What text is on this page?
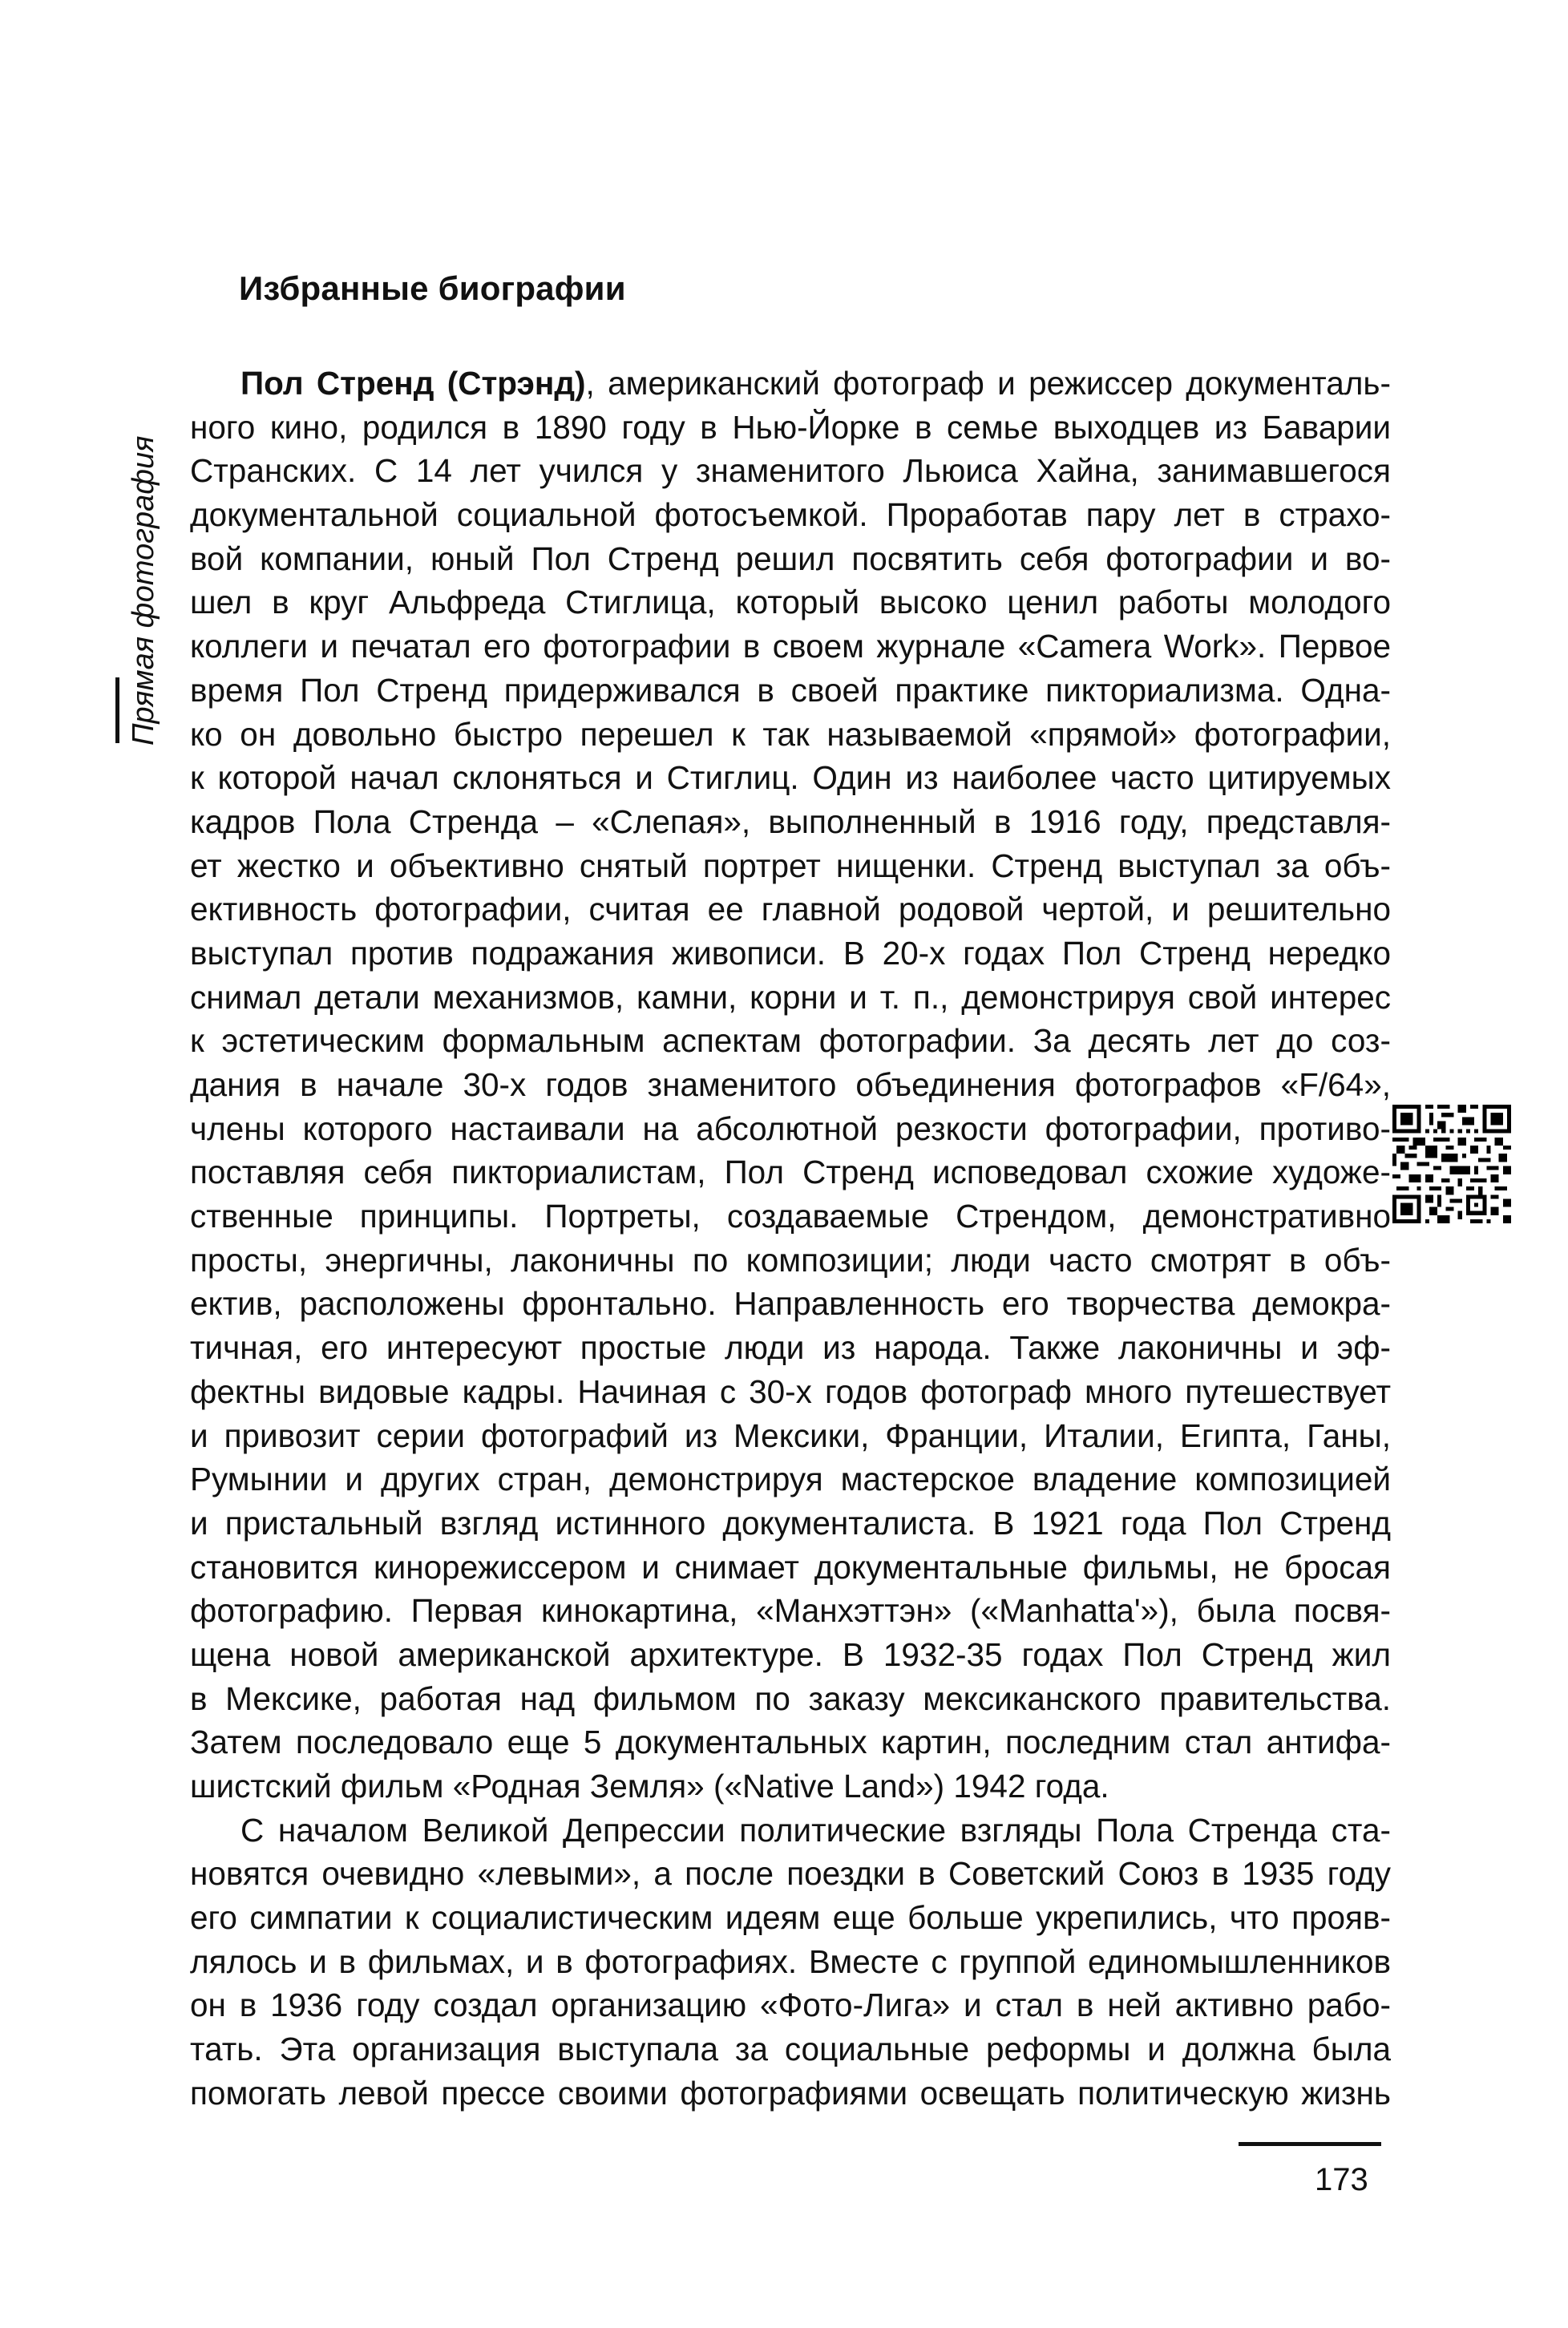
Прямая фотография
Избранные биографии
Пол Стренд (Стрэнд), американский фотограф и режиссер документаль-
ного кино, родился в 1890 году в Нью-Йорке в семье выходцев из Баварии
Странских. С 14 лет учился у знаменитого Льюиса Хайна, занимавшегося
документальной социальной фотосъемкой. Проработав пару лет в страхо-
вой компании, юный Пол Стренд решил посвятить себя фотографии и во-
шел в круг Альфреда Стиглица, который высоко ценил работы молодого
коллеги и печатал его фотографии в своем журнале «Camera Work». Первое
время Пол Стренд придерживался в своей практике пикториализма. Одна-
ко он довольно быстро перешел к так называемой «прямой» фотографии,
к которой начал склоняться и Стиглиц. Один из наиболее часто цитируемых
кадров Пола Стренда – «Слепая», выполненный в 1916 году, представля-
ет жестко и объективно снятый портрет нищенки. Стренд выступал за объ-
ективность фотографии, считая ее главной родовой чертой, и решительно
выступал против подражания живописи. В 20-х годах Пол Стренд нередко
снимал детали механизмов, камни, корни и т. п., демонстрируя свой интерес
к эстетическим формальным аспектам фотографии. За десять лет до соз-
дания в начале 30-х годов знаменитого объединения фотографов «F/64»,
члены которого настаивали на абсолютной резкости фотографии, противо-
поставляя себя пикториалистам, Пол Стренд исповедовал схожие художе-
ственные принципы. Портреты, создаваемые Стрендом, демонстративно
просты, энергичны, лаконичны по композиции; люди часто смотрят в объ-
ектив, расположены фронтально. Направленность его творчества демокра-
тичная, его интересуют простые люди из народа. Также лаконичны и эф-
фектны видовые кадры. Начиная с 30-х годов фотограф много путешествует
и привозит серии фотографий из Мексики, Франции, Италии, Египта, Ганы,
Румынии и других стран, демонстрируя мастерское владение композицией
и пристальный взгляд истинного документалиста. В 1921 года Пол Стренд
становится кинорежиссером и снимает документальные фильмы, не бросая
фотографию. Первая кинокартина, «Манхэттэн» («Manhatta'»), была посвя-
щена новой американской архитектуре. В 1932-35 годах Пол Стренд жил
в Мексике, работая над фильмом по заказу мексиканского правительства.
Затем последовало еще 5 документальных картин, последним стал антифа-
шистский фильм «Родная Земля» («Native Land») 1942 года.
С началом Великой Депрессии политические взгляды Пола Стренда ста-
новятся очевидно «левыми», а после поездки в Советский Союз в 1935 году
его симпатии к социалистическим идеям еще больше укрепились, что прояв-
лялось и в фильмах, и в фотографиях. Вместе с группой единомышленников
он в 1936 году создал организацию «Фото-Лига» и стал в ней активно рабо-
тать. Эта организация выступала за социальные реформы и должна была
помогать левой прессе своими фотографиями освещать политическую жизнь
173
